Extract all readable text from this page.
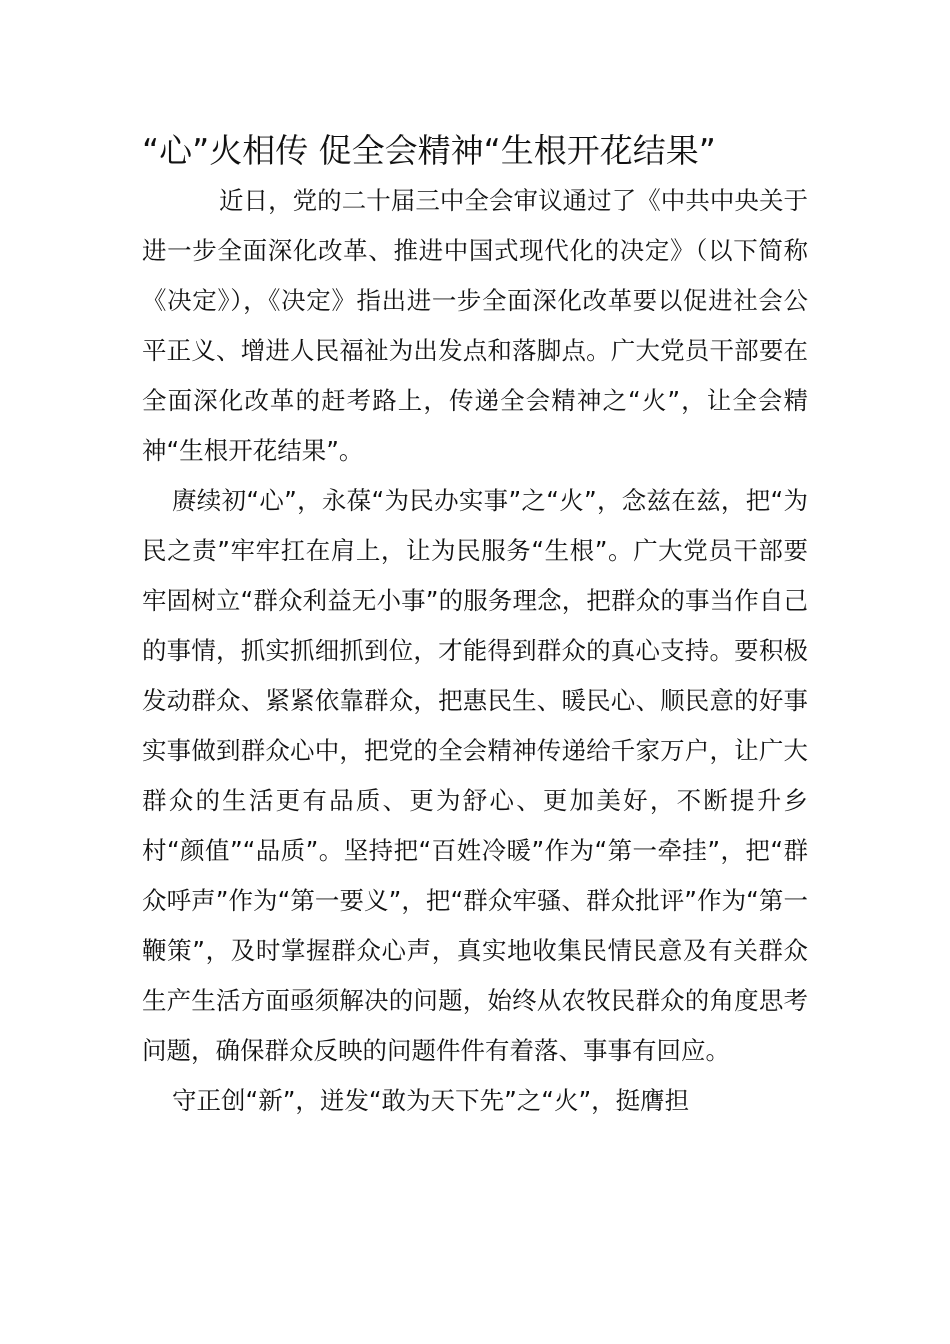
“心”火相传 促全会精神“生根开花结果”

近日，党的二十届三中全会审议通过了《中共中央关于进一步全面深化改革、推进中国式现代化的决定》（以下简称《决定》），《决定》指出进一步全面深化改革要以促进社会公平正义、增进人民福祉为出发点和落脚点。广大党员干部要在全面深化改革的赶考路上，传递全会精神之“火”，让全会精神“生根开花结果”。

赓续初“心”，永葆“为民办实事”之“火”，念兹在兹，把“为民之责”牢牢扛在肩上，让为民服务“生根”。广大党员干部要牢固树立“群众利益无小事”的服务理念，把群众的事当作自己的事情，抓实抓细抓到位，才能得到群众的真心支持。要积极发动群众、紧紧依靠群众，把惠民生、暖民心、顺民意的好事实事做到群众心中，把党的全会精神传递给千家万户，让广大群众的生活更有品质、更为舒心、更加美好，不断提升乡村“颜值”“品质”。坚持把“百姓冷暖”作为“第一牵挂”，把“群众呼声”作为“第一要义”，把“群众牢骚、群众批评”作为“第一鞭策”，及时掌握群众心声，真实地收集民情民意及有关群众生产生活方面亟须解决的问题，始终从农牧民群众的角度思考问题，确保群众反映的问题件件有着落、事事有回应。

守正创“新”，迸发“敢为天下先”之“火”，挺膺担
